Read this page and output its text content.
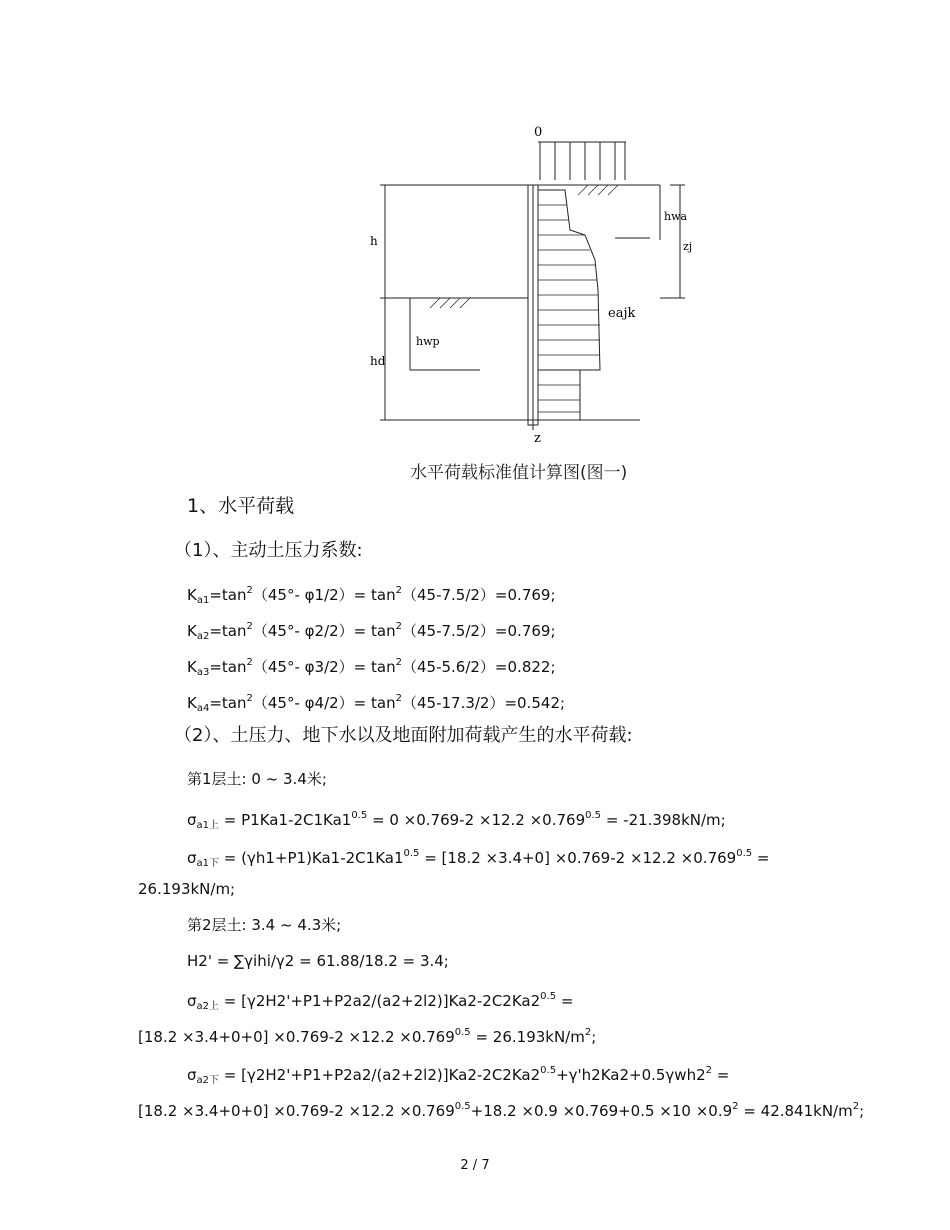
0
h
hd
hwa
hwp
zj
eajk
z
水平荷载标准值计算图(图一)
1、水平荷载
（1）、主动土压力系数:
$K_{a1}=\tan^2(45^\circ-$ $\varphi 1/2)= \tan^2(45-7.5/2)=0.769$;
$K_{a2}=\tan^2(45^\circ-$ $\varphi 2/2)= \tan^2(45-7.5/2)=0.769$;
$K_{a3}=\tan^2(45^\circ-$ $\varphi 3/2)= \tan^2(45-5.6/2)=0.822$;
$K_{a4}=\tan^2(45^\circ-$ $\varphi 4/2)= \tan^2(45-17.3/2)=0.542$;
（2）、土压力、地下水以及地面附加荷载产生的水平荷载:
第1层土: 0 ~ 3.4米;
$\sigma_{a1上} = P1Ka1-2C1Ka1^{0.5} = 0 \times 0.769-2 \times 12.2 \times 0.769^{0.5} = -21.398kN/m$;
$\sigma_{a1下} = (\gamma h1+P1)Ka1-2C1Ka1^{0.5} = [18.2 \times 3.4+0] \times 0.769-2 \times 12.2 \times 0.769^{0.5}$ =
26.193kN/m;
第2层土: 3.4 ~ 4.3米;
H2' = ∑γihi/γ2 = 61.88/18.2 = 3.4;
$\sigma_{a2上} = [\gamma 2H2'+P1+P2a2/(a2+2l2)]Ka2-2C2Ka2^{0.5}$ =
$[18.2 \times 3.4+0+0] \times 0.769-2 \times 12.2 \times 0.769^{0.5} = 26.193kN/m^2$;
$\sigma_{a2下} = [\gamma 2H2'+P1+P2a2/(a2+2l2)]Ka2-2C2Ka2^{0.5}+\gamma'h2Ka2+0.5\gamma wh2^2$ =
$[18.2 \times 3.4+0+0] \times 0.769-2 \times 12.2 \times 0.769^{0.5}+18.2 \times 0.9 \times 0.769+0.5 \times 10 \times 0.9^2 = 42.841kN/m^2$;
2 / 7
